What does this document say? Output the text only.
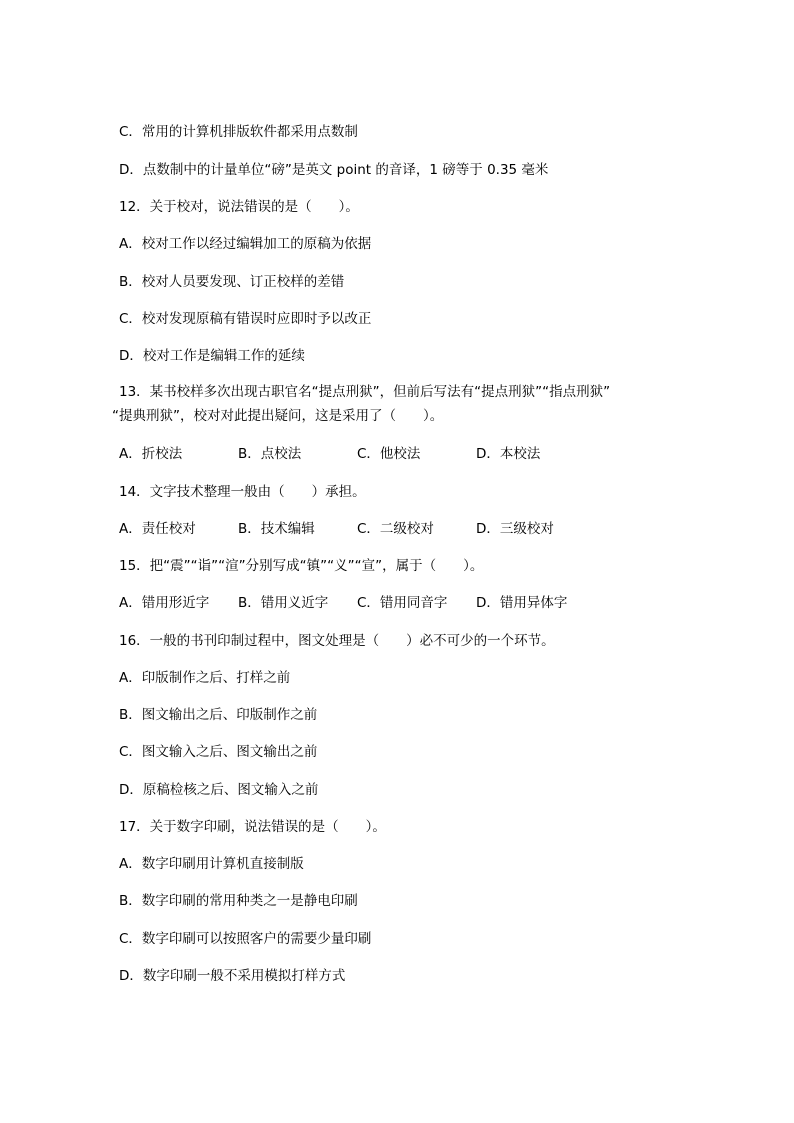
C．常用的计算机排版软件都采用点数制
D．点数制中的计量单位“磅”是英文 point 的音译，1 磅等于 0.35 毫米
12．关于校对，说法错误的是（　　）。
A．校对工作以经过编辑加工的原稿为依据
B．校对人员要发现、订正校样的差错
C．校对发现原稿有错误时应即时予以改正
D．校对工作是编辑工作的延续
13．某书校样多次出现古职官名“提点刑狱”，但前后写法有“提点刑狱”“指点刑狱”
“提典刑狱”，校对对此提出疑问，这是采用了（　　）。
A．折校法	B．点校法	C．他校法	D．本校法
14．文字技术整理一般由（　　）承担。
A．责任校对	B．技术编辑	C．二级校对	D．三级校对
15．把“震”“诣”“渲”分别写成“镇”“义”“宣”，属于（　　）。
A．错用形近字 B．错用义近字 C．错用同音字 D．错用异体字
16．一般的书刊印制过程中，图文处理是（　　）必不可少的一个环节。
A．印版制作之后、打样之前
B．图文输出之后、印版制作之前
C．图文输入之后、图文输出之前
D．原稿检核之后、图文输入之前
17．关于数字印刷，说法错误的是（　　）。
A．数字印刷用计算机直接制版
B．数字印刷的常用种类之一是静电印刷
C．数字印刷可以按照客户的需要少量印刷
D．数字印刷一般不采用模拟打样方式
